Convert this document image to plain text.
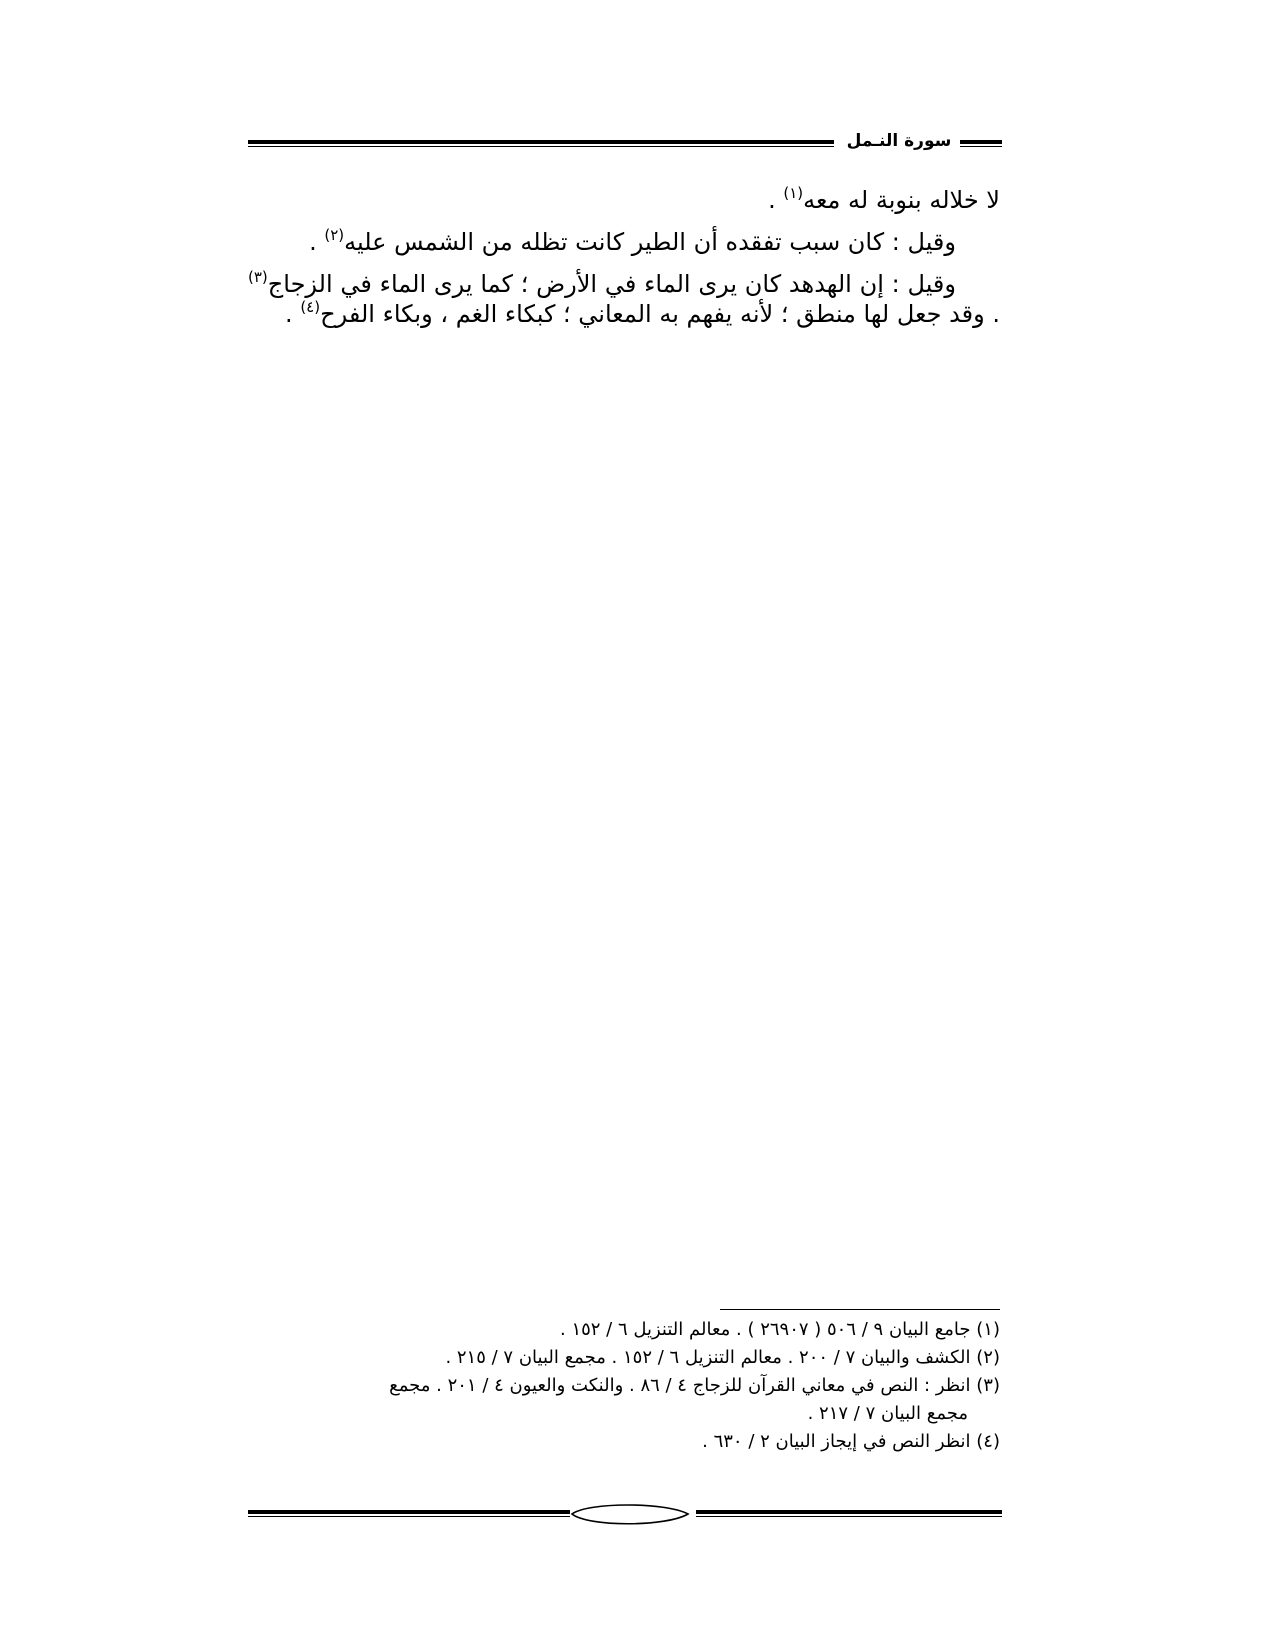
سورة النـمل

لا خلاله بنوبة له معه$^{(١)}$ .

وقيل : كان سبب تفقده أن الطير كانت تظله من الشمس عليه$^{(٢)}$ .

وقيل : إن الهدهد كان يرى الماء في الأرض ؛ كما يرى الماء في الزجاج$^{(٣)}$ . وقد جعل لها منطق ؛ لأنه يفهم به المعاني ؛ كبكاء الغم ، وبكاء الفرح$^{(٤)}$ .

(١) جامع البيان ٩ / ٥٠٦ ( ٢٦٩٠٧ ) . معالم التنزيل ٦ / ١٥٢ .
(٢) الكشف والبيان ٧ / ٢٠٠ . معالم التنزيل ٦ / ١٥٢ . مجمع البيان ٧ / ٢١٥ .
(٣) انظر : النص في معاني القرآن للزجاج ٤ / ٨٦ . والنكت والعيون ٤ / ٢٠١ . مجمع
مجمع البيان ٧ / ٢١٧ .
(٤) انظر النص في إيجاز البيان ٢ / ٦٣٠ .
